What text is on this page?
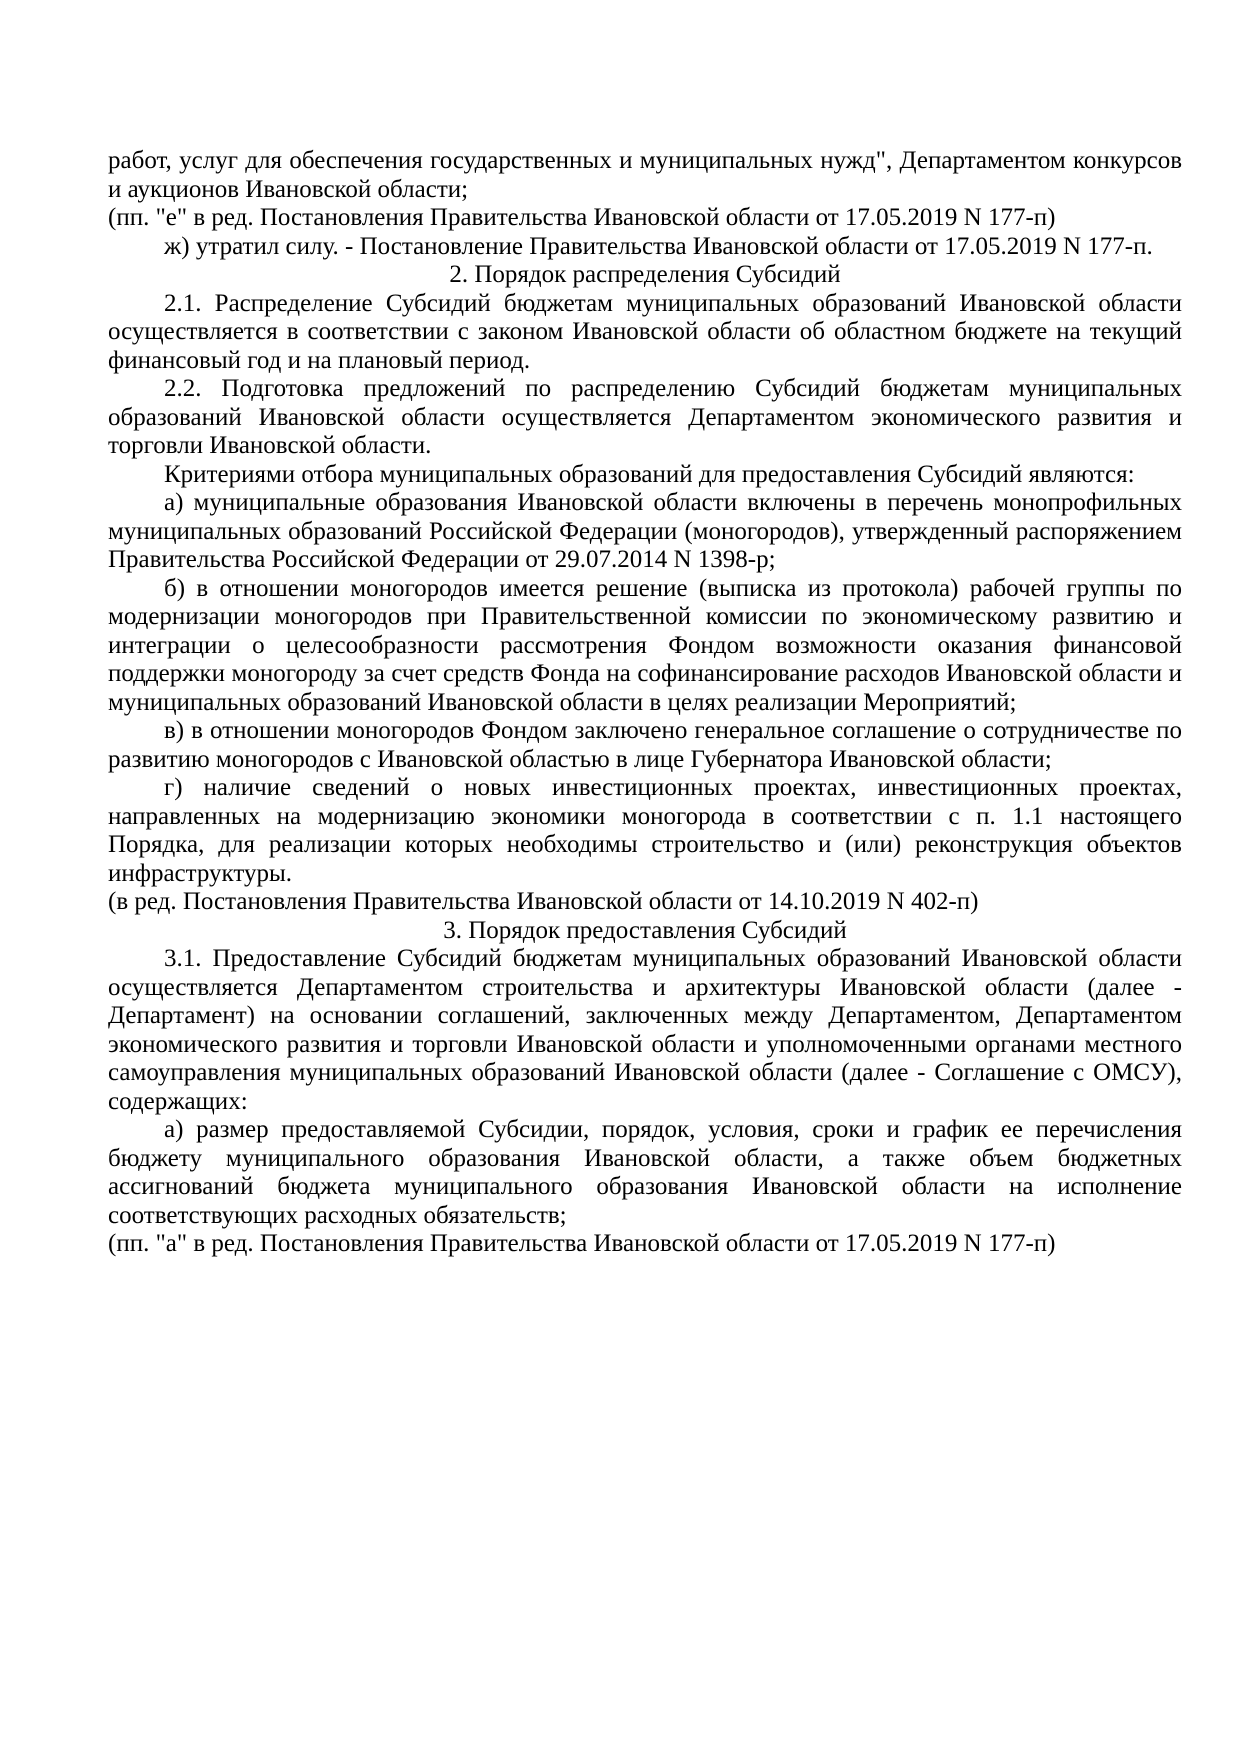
работ, услуг для обеспечения государственных и муниципальных нужд", Департаментом конкурсов и аукционов Ивановской области;

(пп. "е" в ред. Постановления Правительства Ивановской области от 17.05.2019 N 177-п)

ж) утратил силу. - Постановление Правительства Ивановской области от 17.05.2019 N 177-п.

2. Порядок распределения Субсидий

2.1. Распределение Субсидий бюджетам муниципальных образований Ивановской области осуществляется в соответствии с законом Ивановской области об областном бюджете на текущий финансовый год и на плановый период.

2.2. Подготовка предложений по распределению Субсидий бюджетам муниципальных образований Ивановской области осуществляется Департаментом экономического развития и торговли Ивановской области.

Критериями отбора муниципальных образований для предоставления Субсидий являются:

а) муниципальные образования Ивановской области включены в перечень монопрофильных муниципальных образований Российской Федерации (моногородов), утвержденный распоряжением Правительства Российской Федерации от 29.07.2014 N 1398-р;

б) в отношении моногородов имеется решение (выписка из протокола) рабочей группы по модернизации моногородов при Правительственной комиссии по экономическому развитию и интеграции о целесообразности рассмотрения Фондом возможности оказания финансовой поддержки моногороду за счет средств Фонда на софинансирование расходов Ивановской области и муниципальных образований Ивановской области в целях реализации Мероприятий;

в) в отношении моногородов Фондом заключено генеральное соглашение о сотрудничестве по развитию моногородов с Ивановской областью в лице Губернатора Ивановской области;

г) наличие сведений о новых инвестиционных проектах, инвестиционных проектах, направленных на модернизацию экономики моногорода в соответствии с п. 1.1 настоящего Порядка, для реализации которых необходимы строительство и (или) реконструкция объектов инфраструктуры.

(в ред. Постановления Правительства Ивановской области от 14.10.2019 N 402-п)

3. Порядок предоставления Субсидий

3.1. Предоставление Субсидий бюджетам муниципальных образований Ивановской области осуществляется Департаментом строительства и архитектуры Ивановской области (далее - Департамент) на основании соглашений, заключенных между Департаментом, Департаментом экономического развития и торговли Ивановской области и уполномоченными органами местного самоуправления муниципальных образований Ивановской области (далее - Соглашение с ОМСУ), содержащих:

а) размер предоставляемой Субсидии, порядок, условия, сроки и график ее перечисления бюджету муниципального образования Ивановской области, а также объем бюджетных ассигнований бюджета муниципального образования Ивановской области на исполнение соответствующих расходных обязательств;

(пп. "а" в ред. Постановления Правительства Ивановской области от 17.05.2019 N 177-п)
